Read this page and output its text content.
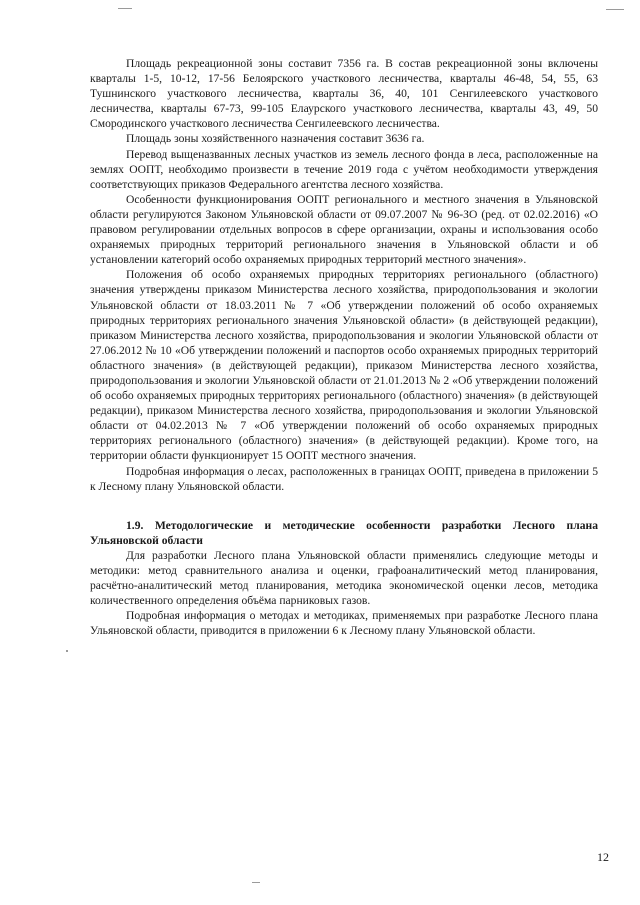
Площадь рекреационной зоны составит 7356 га. В состав рекреационной зоны включены кварталы 1-5, 10-12, 17-56 Белоярского участкового лесничества, кварталы 46-48, 54, 55, 63 Тушнинского участкового лесничества, кварталы 36, 40, 101 Сенгилеевского участкового лесничества, кварталы 67-73, 99-105 Елаурского участкового лесничества, кварталы 43, 49, 50 Смородинского участкового лесничества Сенгилеевского лесничества.

Площадь зоны хозяйственного назначения составит 3636 га.

Перевод выщеназванных лесных участков из земель лесного фонда в леса, расположенные на землях ООПТ, необходимо произвести в течение 2019 года с учётом необходимости утверждения соответствующих приказов Федерального агентства лесного хозяйства.

Особенности функционирования ООПТ регионального и местного значения в Ульяновской области регулируются Законом Ульяновской области от 09.07.2007 № 96-ЗО (ред. от 02.02.2016) «О правовом регулировании отдельных вопросов в сфере организации, охраны и использования особо охраняемых природных территорий регионального значения в Ульяновской области и об установлении категорий особо охраняемых природных территорий местного значения».

Положения об особо охраняемых природных территориях регионального (областного) значения утверждены приказом Министерства лесного хозяйства, природопользования и экологии Ульяновской области от 18.03.2011 № 7 «Об утверждении положений об особо охраняемых природных территориях регионального значения Ульяновской области» (в действующей редакции), приказом Министерства лесного хозяйства, природопользования и экологии Ульяновской области от 27.06.2012 № 10 «Об утверждении положений и паспортов особо охраняемых природных территорий областного значения» (в действующей редакции), приказом Министерства лесного хозяйства, природопользования и экологии Ульяновской области от 21.01.2013 № 2 «Об утверждении положений об особо охраняемых природных территориях регионального (областного) значения» (в действующей редакции), приказом Министерства лесного хозяйства, природопользования и экологии Ульяновской области от 04.02.2013 № 7 «Об утверждении положений об особо охраняемых природных территориях регионального (областного) значения» (в действующей редакции). Кроме того, на территории области функционирует 15 ООПТ местного значения.

Подробная информация о лесах, расположенных в границах ООПТ, приведена в приложении 5 к Лесному плану Ульяновской области.

1.9. Методологические и методические особенности разработки Лесного плана Ульяновской области

Для разработки Лесного плана Ульяновской области применялись следующие методы и методики: метод сравнительного анализа и оценки, графоаналитический метод планирования, расчётно-аналитический метод планирования, методика экономической оценки лесов, методика количественного определения объёма парниковых газов.

Подробная информация о методах и методиках, применяемых при разработке Лесного плана Ульяновской области, приводится в приложении 6 к Лесному плану Ульяновской области.

12
